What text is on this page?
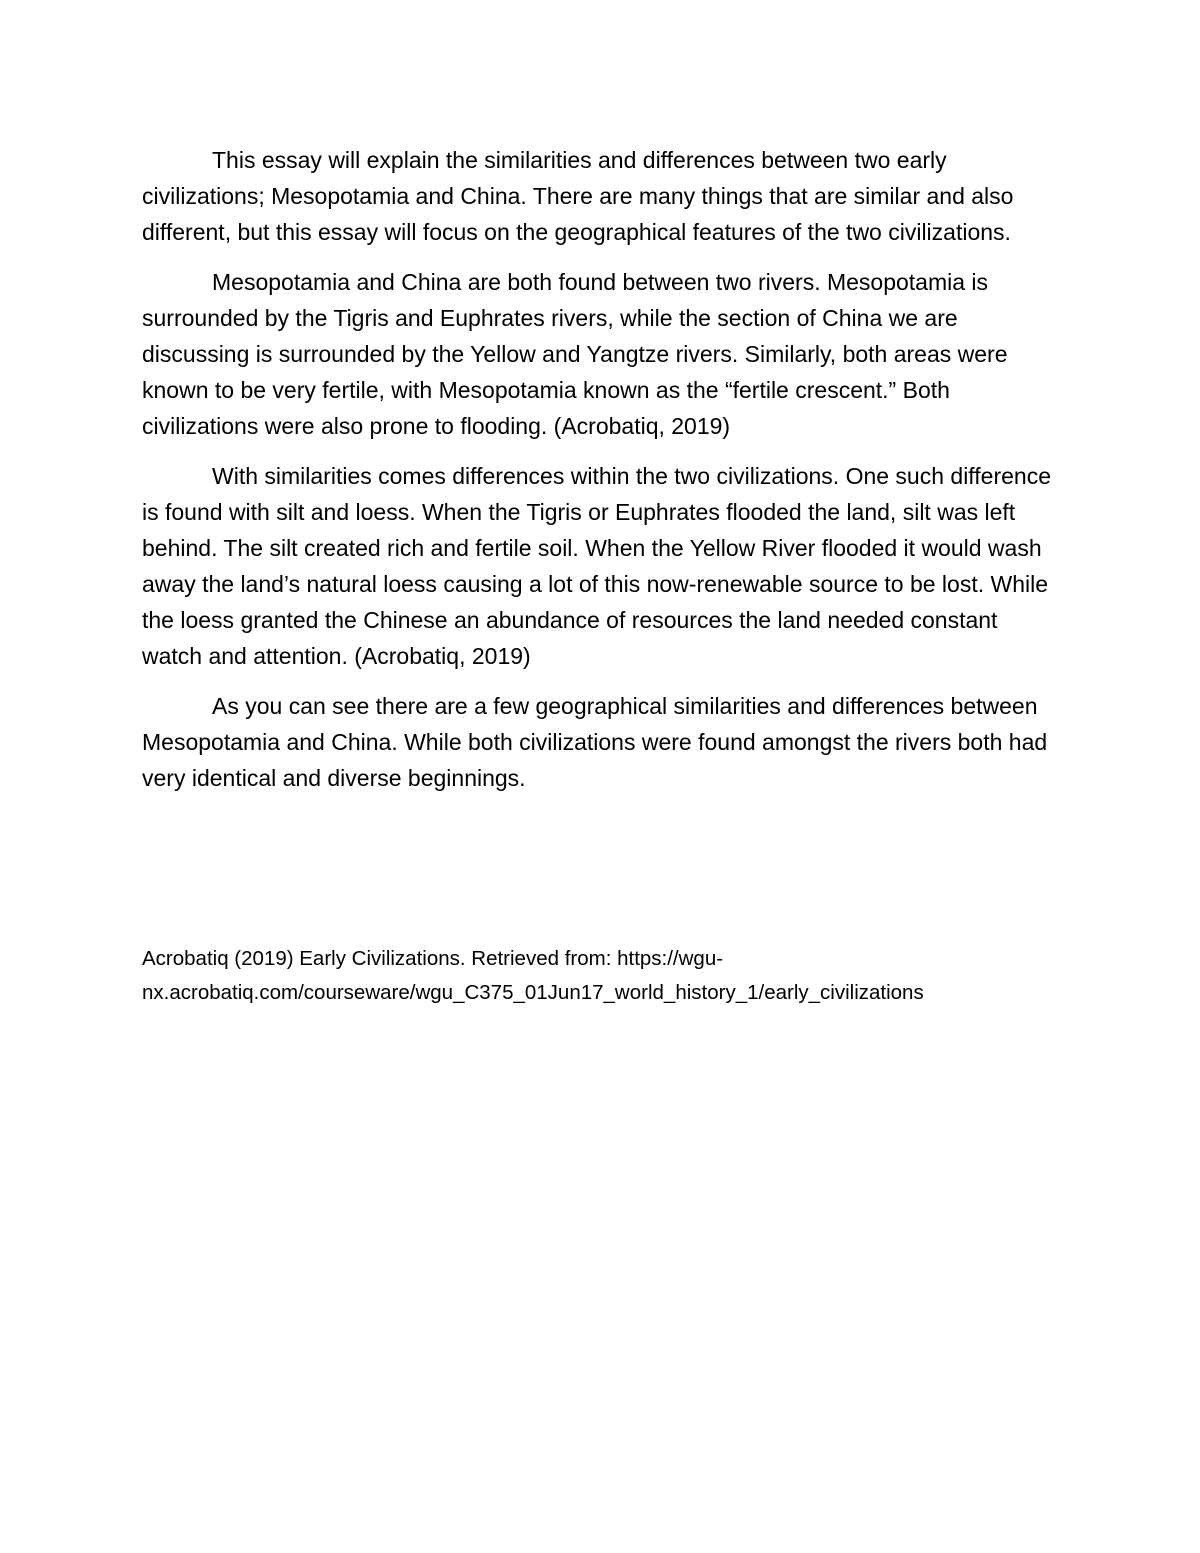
This essay will explain the similarities and differences between two early civilizations; Mesopotamia and China. There are many things that are similar and also different, but this essay will focus on the geographical features of the two civilizations.

Mesopotamia and China are both found between two rivers. Mesopotamia is surrounded by the Tigris and Euphrates rivers, while the section of China we are discussing is surrounded by the Yellow and Yangtze rivers. Similarly, both areas were known to be very fertile, with Mesopotamia known as the “fertile crescent.” Both civilizations were also prone to flooding. (Acrobatiq, 2019)

With similarities comes differences within the two civilizations. One such difference is found with silt and loess. When the Tigris or Euphrates flooded the land, silt was left behind. The silt created rich and fertile soil. When the Yellow River flooded it would wash away the land’s natural loess causing a lot of this now-renewable source to be lost. While the loess granted the Chinese an abundance of resources the land needed constant watch and attention. (Acrobatiq, 2019)

As you can see there are a few geographical similarities and differences between Mesopotamia and China. While both civilizations were found amongst the rivers both had very identical and diverse beginnings.

Acrobatiq (2019) Early Civilizations. Retrieved from: https://wgu-
nx.acrobatiq.com/courseware/wgu_C375_01Jun17_world_history_1/early_civilizations
